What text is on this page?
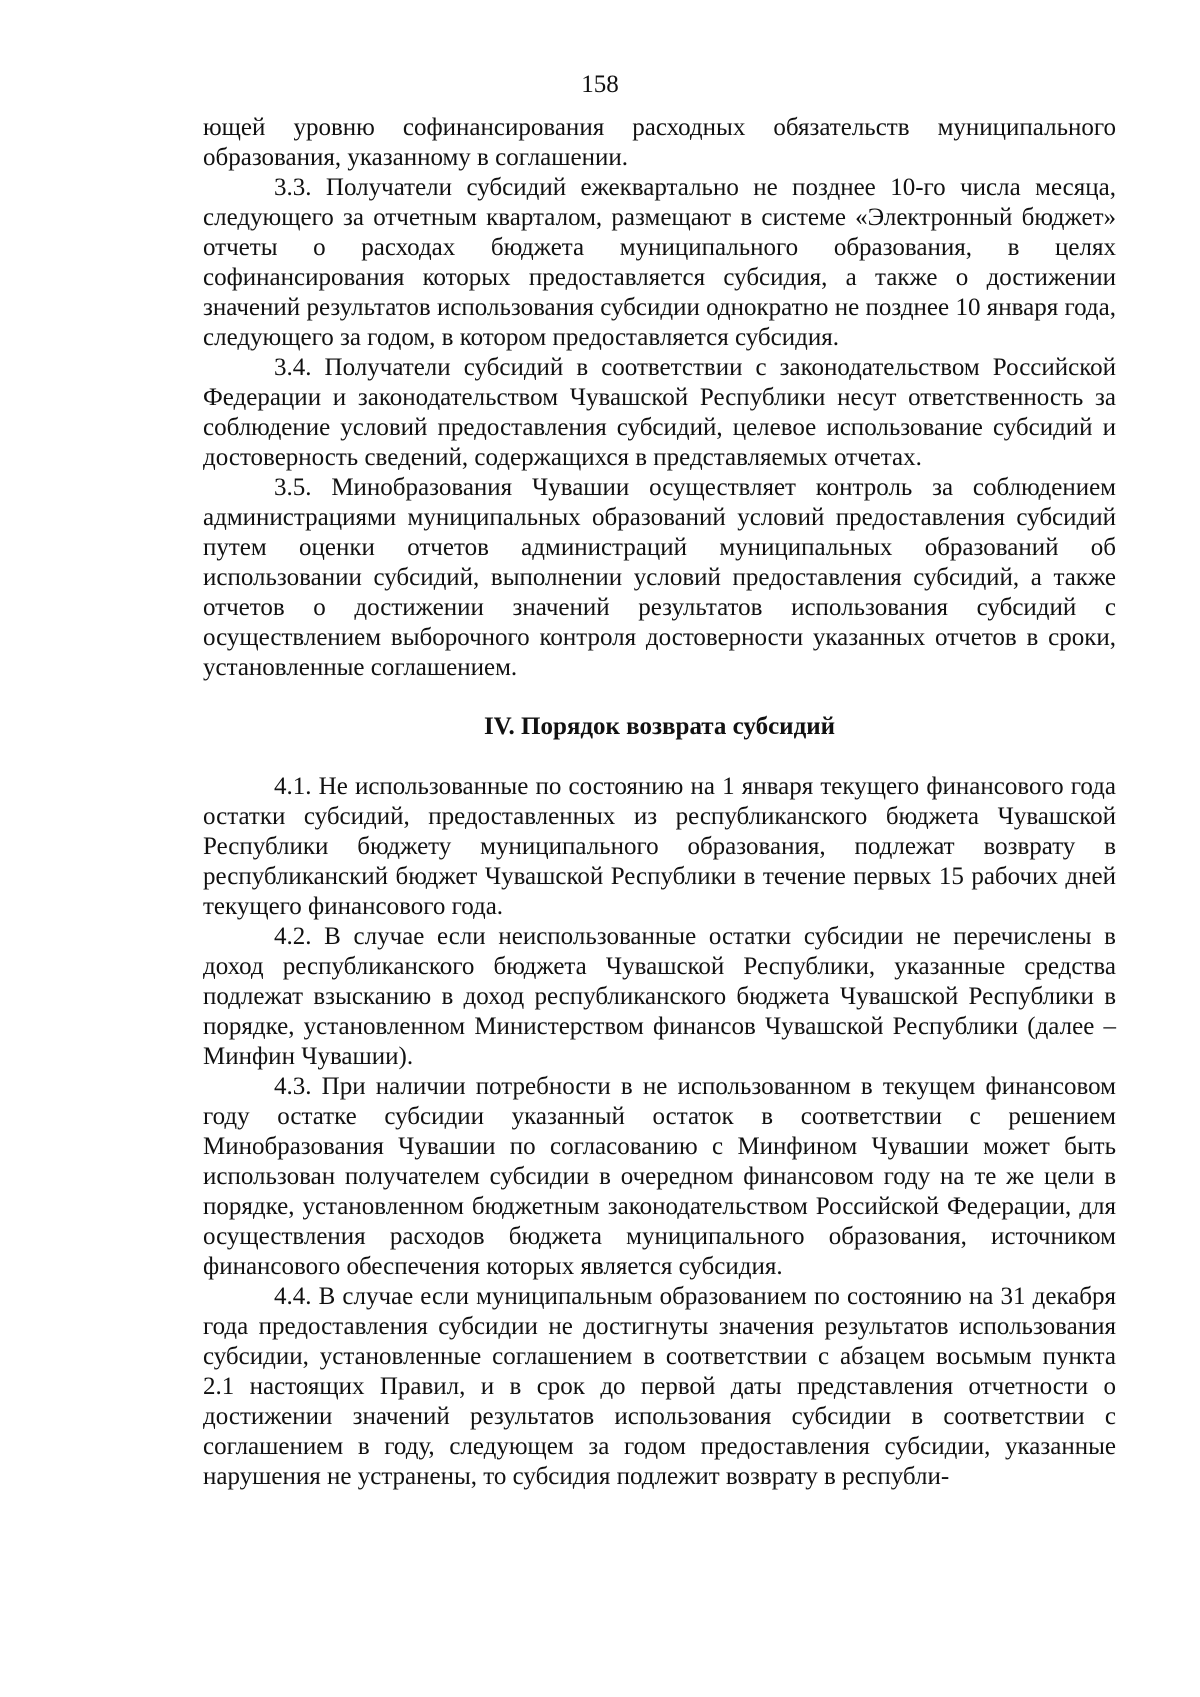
158

ющей уровню софинансирования расходных обязательств муниципального образования, указанному в соглашении.

3.3. Получатели субсидий ежеквартально не позднее 10-го числа месяца, следующего за отчетным кварталом, размещают в системе «Электронный бюджет» отчеты о расходах бюджета муниципального образования, в целях софинансирования которых предоставляется субсидия, а также о достижении значений результатов использования субсидии однократно не позднее 10 января года, следующего за годом, в котором предоставляется субсидия.

3.4. Получатели субсидий в соответствии с законодательством Российской Федерации и законодательством Чувашской Республики несут ответственность за соблюдение условий предоставления субсидий, целевое использование субсидий и достоверность сведений, содержащихся в представляемых отчетах.

3.5. Минобразования Чувашии осуществляет контроль за соблюдением администрациями муниципальных образований условий предоставления субсидий путем оценки отчетов администраций муниципальных образований об использовании субсидий, выполнении условий предоставления субсидий, а также отчетов о достижении значений результатов использования субсидий с осуществлением выборочного контроля достоверности указанных отчетов в сроки, установленные соглашением.

IV. Порядок возврата субсидий

4.1. Не использованные по состоянию на 1 января текущего финансового года остатки субсидий, предоставленных из республиканского бюджета Чувашской Республики бюджету муниципального образования, подлежат возврату в республиканский бюджет Чувашской Республики в течение первых 15 рабочих дней текущего финансового года.

4.2. В случае если неиспользованные остатки субсидии не перечислены в доход республиканского бюджета Чувашской Республики, указанные средства подлежат взысканию в доход республиканского бюджета Чувашской Республики в порядке, установленном Министерством финансов Чувашской Республики (далее – Минфин Чувашии).

4.3. При наличии потребности в не использованном в текущем финансовом году остатке субсидии указанный остаток в соответствии с решением Минобразования Чувашии по согласованию с Минфином Чувашии может быть использован получателем субсидии в очередном финансовом году на те же цели в порядке, установленном бюджетным законодательством Российской Федерации, для осуществления расходов бюджета муниципального образования, источником финансового обеспечения которых является субсидия.

4.4. В случае если муниципальным образованием по состоянию на 31 декабря года предоставления субсидии не достигнуты значения результатов использования субсидии, установленные соглашением в соответствии с абзацем восьмым пункта 2.1 настоящих Правил, и в срок до первой даты представления отчетности о достижении значений результатов использования субсидии в соответствии с соглашением в году, следующем за годом предоставления субсидии, указанные нарушения не устранены, то субсидия подлежит возврату в республи-
